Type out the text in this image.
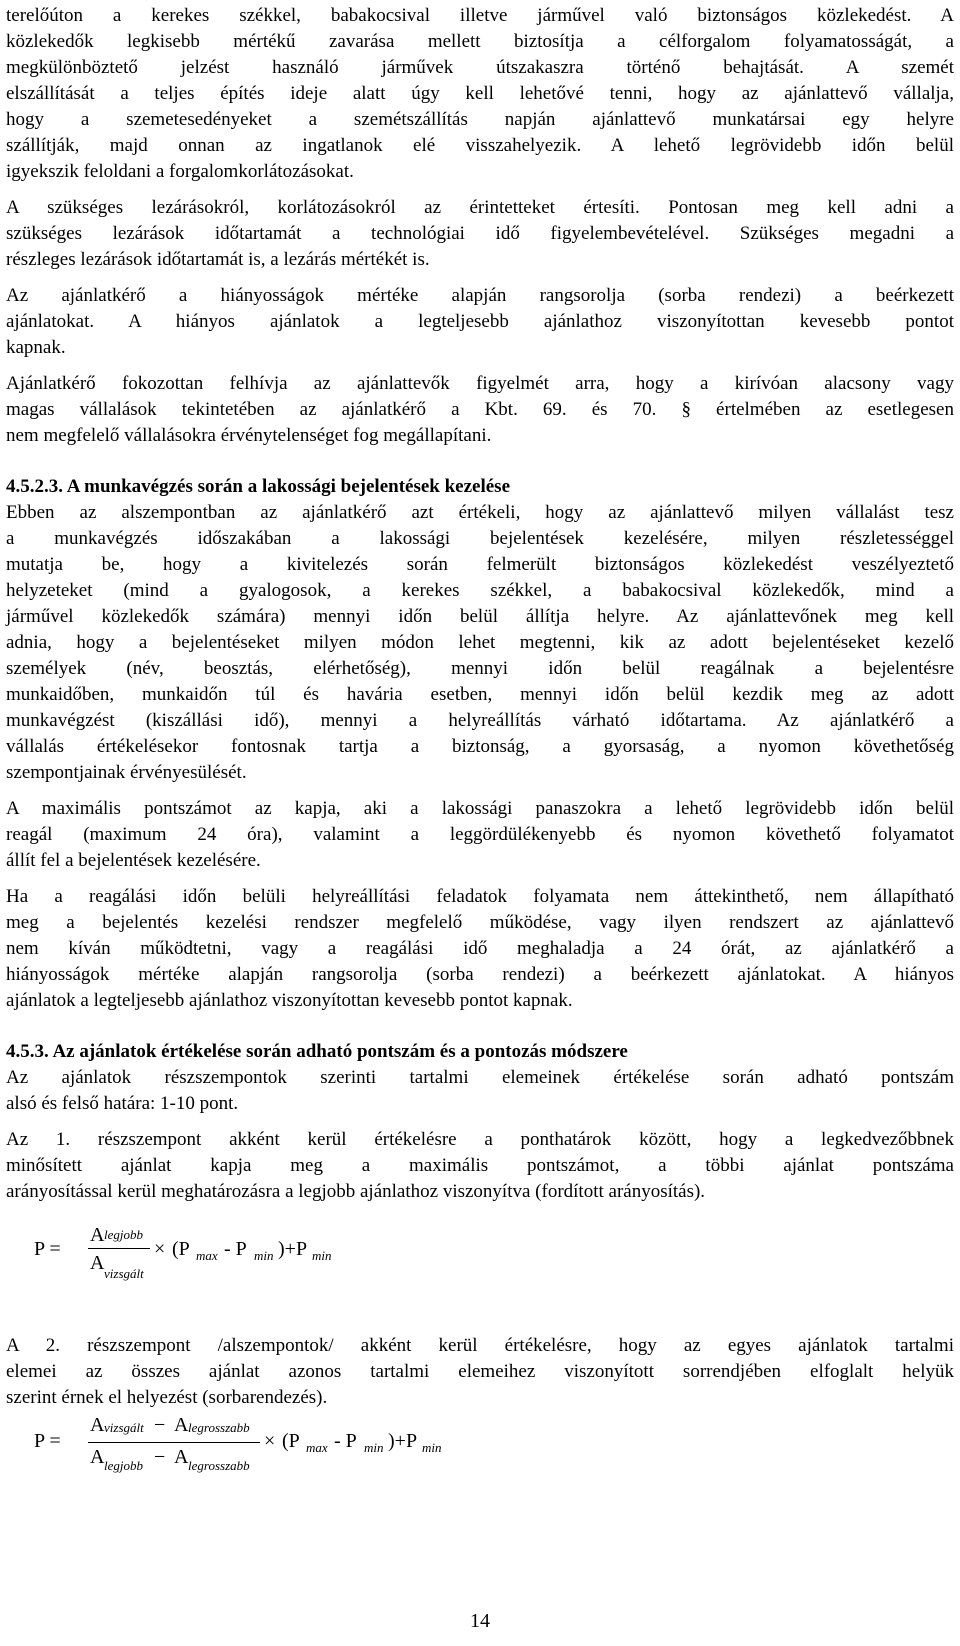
P =
A legjobb
A vizsgált
× (P max - P min )+P min
P =
A vizsgált − A legrosszabb
A legjobb − A legrosszabb
× (P max - P min )+P min
14
terelőúton a kerekes székkel, babakocsival illetve járművel való biztonságos közlekedést. A
közlekedők legkisebb mértékű zavarása mellett biztosítja a célforgalom folyamatosságát, a
megkülönböztető jelzést használó járművek útszakaszra történő behajtását. A szemét
elszállítását a teljes építés ideje alatt úgy kell lehetővé tenni, hogy az ajánlattevő vállalja,
hogy a szemetesedényeket a szemétszállítás napján ajánlattevő munkatársai egy helyre
szállítják, majd onnan az ingatlanok elé visszahelyezik. A lehető legrövidebb időn belül
igyekszik feloldani a forgalomkorlátozásokat.
A szükséges lezárásokról, korlátozásokról az érintetteket értesíti. Pontosan meg kell adni a
szükséges lezárások időtartamát a technológiai idő figyelembevételével. Szükséges megadni a
részleges lezárások időtartamát is, a lezárás mértékét is.
Az ajánlatkérő a hiányosságok mértéke alapján rangsorolja (sorba rendezi) a beérkezett
ajánlatokat. A hiányos ajánlatok a legteljesebb ajánlathoz viszonyítottan kevesebb pontot
kapnak.
Ajánlatkérő fokozottan felhívja az ajánlattevők figyelmét arra, hogy a kirívóan alacsony vagy
magas vállalások tekintetében az ajánlatkérő a Kbt. 69. és 70. § értelmében az esetlegesen
nem megfelelő vállalásokra érvénytelenséget fog megállapítani.
4.5.2.3. A munkavégzés során a lakossági bejelentések kezelése
Ebben az alszempontban az ajánlatkérő azt értékeli, hogy az ajánlattevő milyen vállalást tesz
a munkavégzés időszakában a lakossági bejelentések kezelésére, milyen részletességgel
mutatja be, hogy a kivitelezés során felmerült biztonságos közlekedést veszélyeztető
helyzeteket (mind a gyalogosok, a kerekes székkel, a babakocsival közlekedők, mind a
járművel közlekedők számára) mennyi időn belül állítja helyre. Az ajánlattevőnek meg kell
adnia, hogy a bejelentéseket milyen módon lehet megtenni, kik az adott bejelentéseket kezelő
személyek (név, beosztás, elérhetőség), mennyi időn belül reagálnak a bejelentésre
munkaidőben, munkaidőn túl és havária esetben, mennyi időn belül kezdik meg az adott
munkavégzést (kiszállási idő), mennyi a helyreállítás várható időtartama. Az ajánlatkérő a
vállalás értékelésekor fontosnak tartja a biztonság, a gyorsaság, a nyomon követhetőség
szempontjainak érvényesülését.
A maximális pontszámot az kapja, aki a lakossági panaszokra a lehető legrövidebb időn belül
reagál (maximum 24 óra), valamint a leggördülékenyebb és nyomon követhető folyamatot
állít fel a bejelentések kezelésére.
Ha a reagálási időn belüli helyreállítási feladatok folyamata nem áttekinthető, nem állapítható
meg a bejelentés kezelési rendszer megfelelő működése, vagy ilyen rendszert az ajánlattevő
nem kíván működtetni, vagy a reagálási idő meghaladja a 24 órát, az ajánlatkérő a
hiányosságok mértéke alapján rangsorolja (sorba rendezi) a beérkezett ajánlatokat. A hiányos
ajánlatok a legteljesebb ajánlathoz viszonyítottan kevesebb pontot kapnak.
4.5.3. Az ajánlatok értékelése során adható pontszám és a pontozás módszere
Az ajánlatok részszempontok szerinti tartalmi elemeinek értékelése során adható pontszám
alsó és felső határa: 1-10 pont.
Az 1. részszempont akként kerül értékelésre a ponthatárok között, hogy a legkedvezőbbnek
minősített ajánlat kapja meg a maximális pontszámot, a többi ajánlat pontszáma
arányosítással kerül meghatározásra a legjobb ajánlathoz viszonyítva (fordított arányosítás).
A 2. részszempont /alszempontok/ akként kerül értékelésre, hogy az egyes ajánlatok tartalmi
elemei az összes ajánlat azonos tartalmi elemeihez viszonyított sorrendjében elfoglalt helyük
szerint érnek el helyezést (sorbarendezés).
